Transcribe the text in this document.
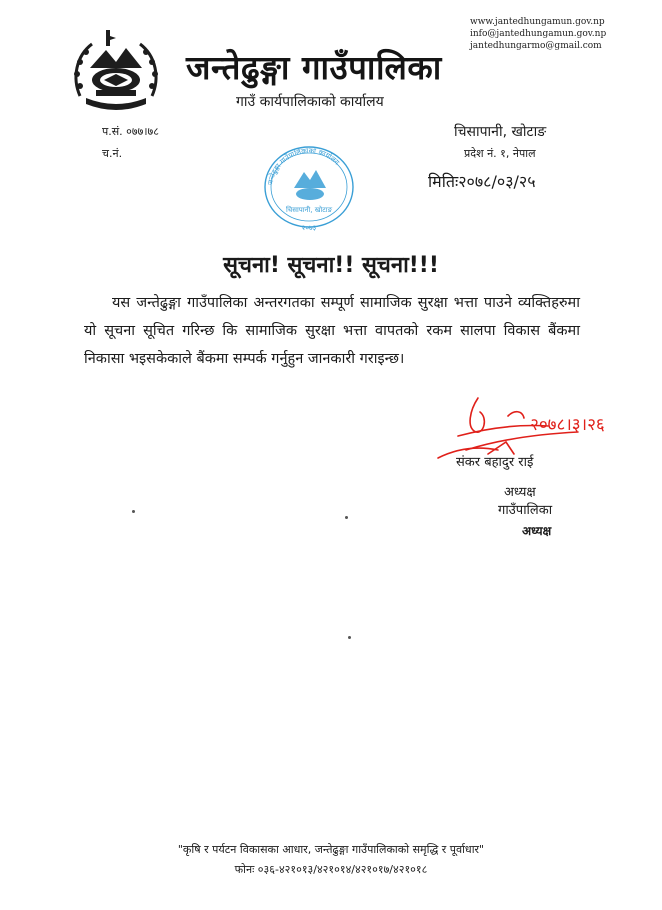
www.jantedhungamun.gov.np
info@jantedhungamun.gov.np
jantedhungarmo@gmail.com
जन्तेढुङ्गा गाउँपालिका
गाउँ कार्यपालिकाको कार्यालय
प.सं. ०७७।७८
च.नं.
चिसापानी, खोटाङ
प्रदेश नं. १, नेपाल
मितिः२०७८/०३/२५
जन्तेढुङ्गा गाउँपालिकाको कार्यालय
चिसापानी, खोटाङ
२०७३
सूचना! सूचना!! सूचना!!!
यस जन्तेढुङ्गा गाउँपालिका अन्तरगतका सम्पूर्ण सामाजिक सुरक्षा भत्ता पाउने व्यक्तिहरुमा यो सूचना सूचित गरिन्छ कि सामाजिक सुरक्षा भत्ता वापतको रकम सालपा विकास बैंकमा निकासा भइसकेकाले बैंकमा सम्पर्क गर्नुहुन जानकारी गराइन्छ।
२०७८।३।२६
संकर बहादुर राई
अध्यक्ष
गाउँपालिका
अध्यक्ष
"कृषि र पर्यटन विकासका आधार, जन्तेढुङ्गा गाउँपालिकाको समृद्धि र पूर्वाधार"
फोनः ०३६-४२१०१३/४२१०१४/४२१०१७/४२१०१८
